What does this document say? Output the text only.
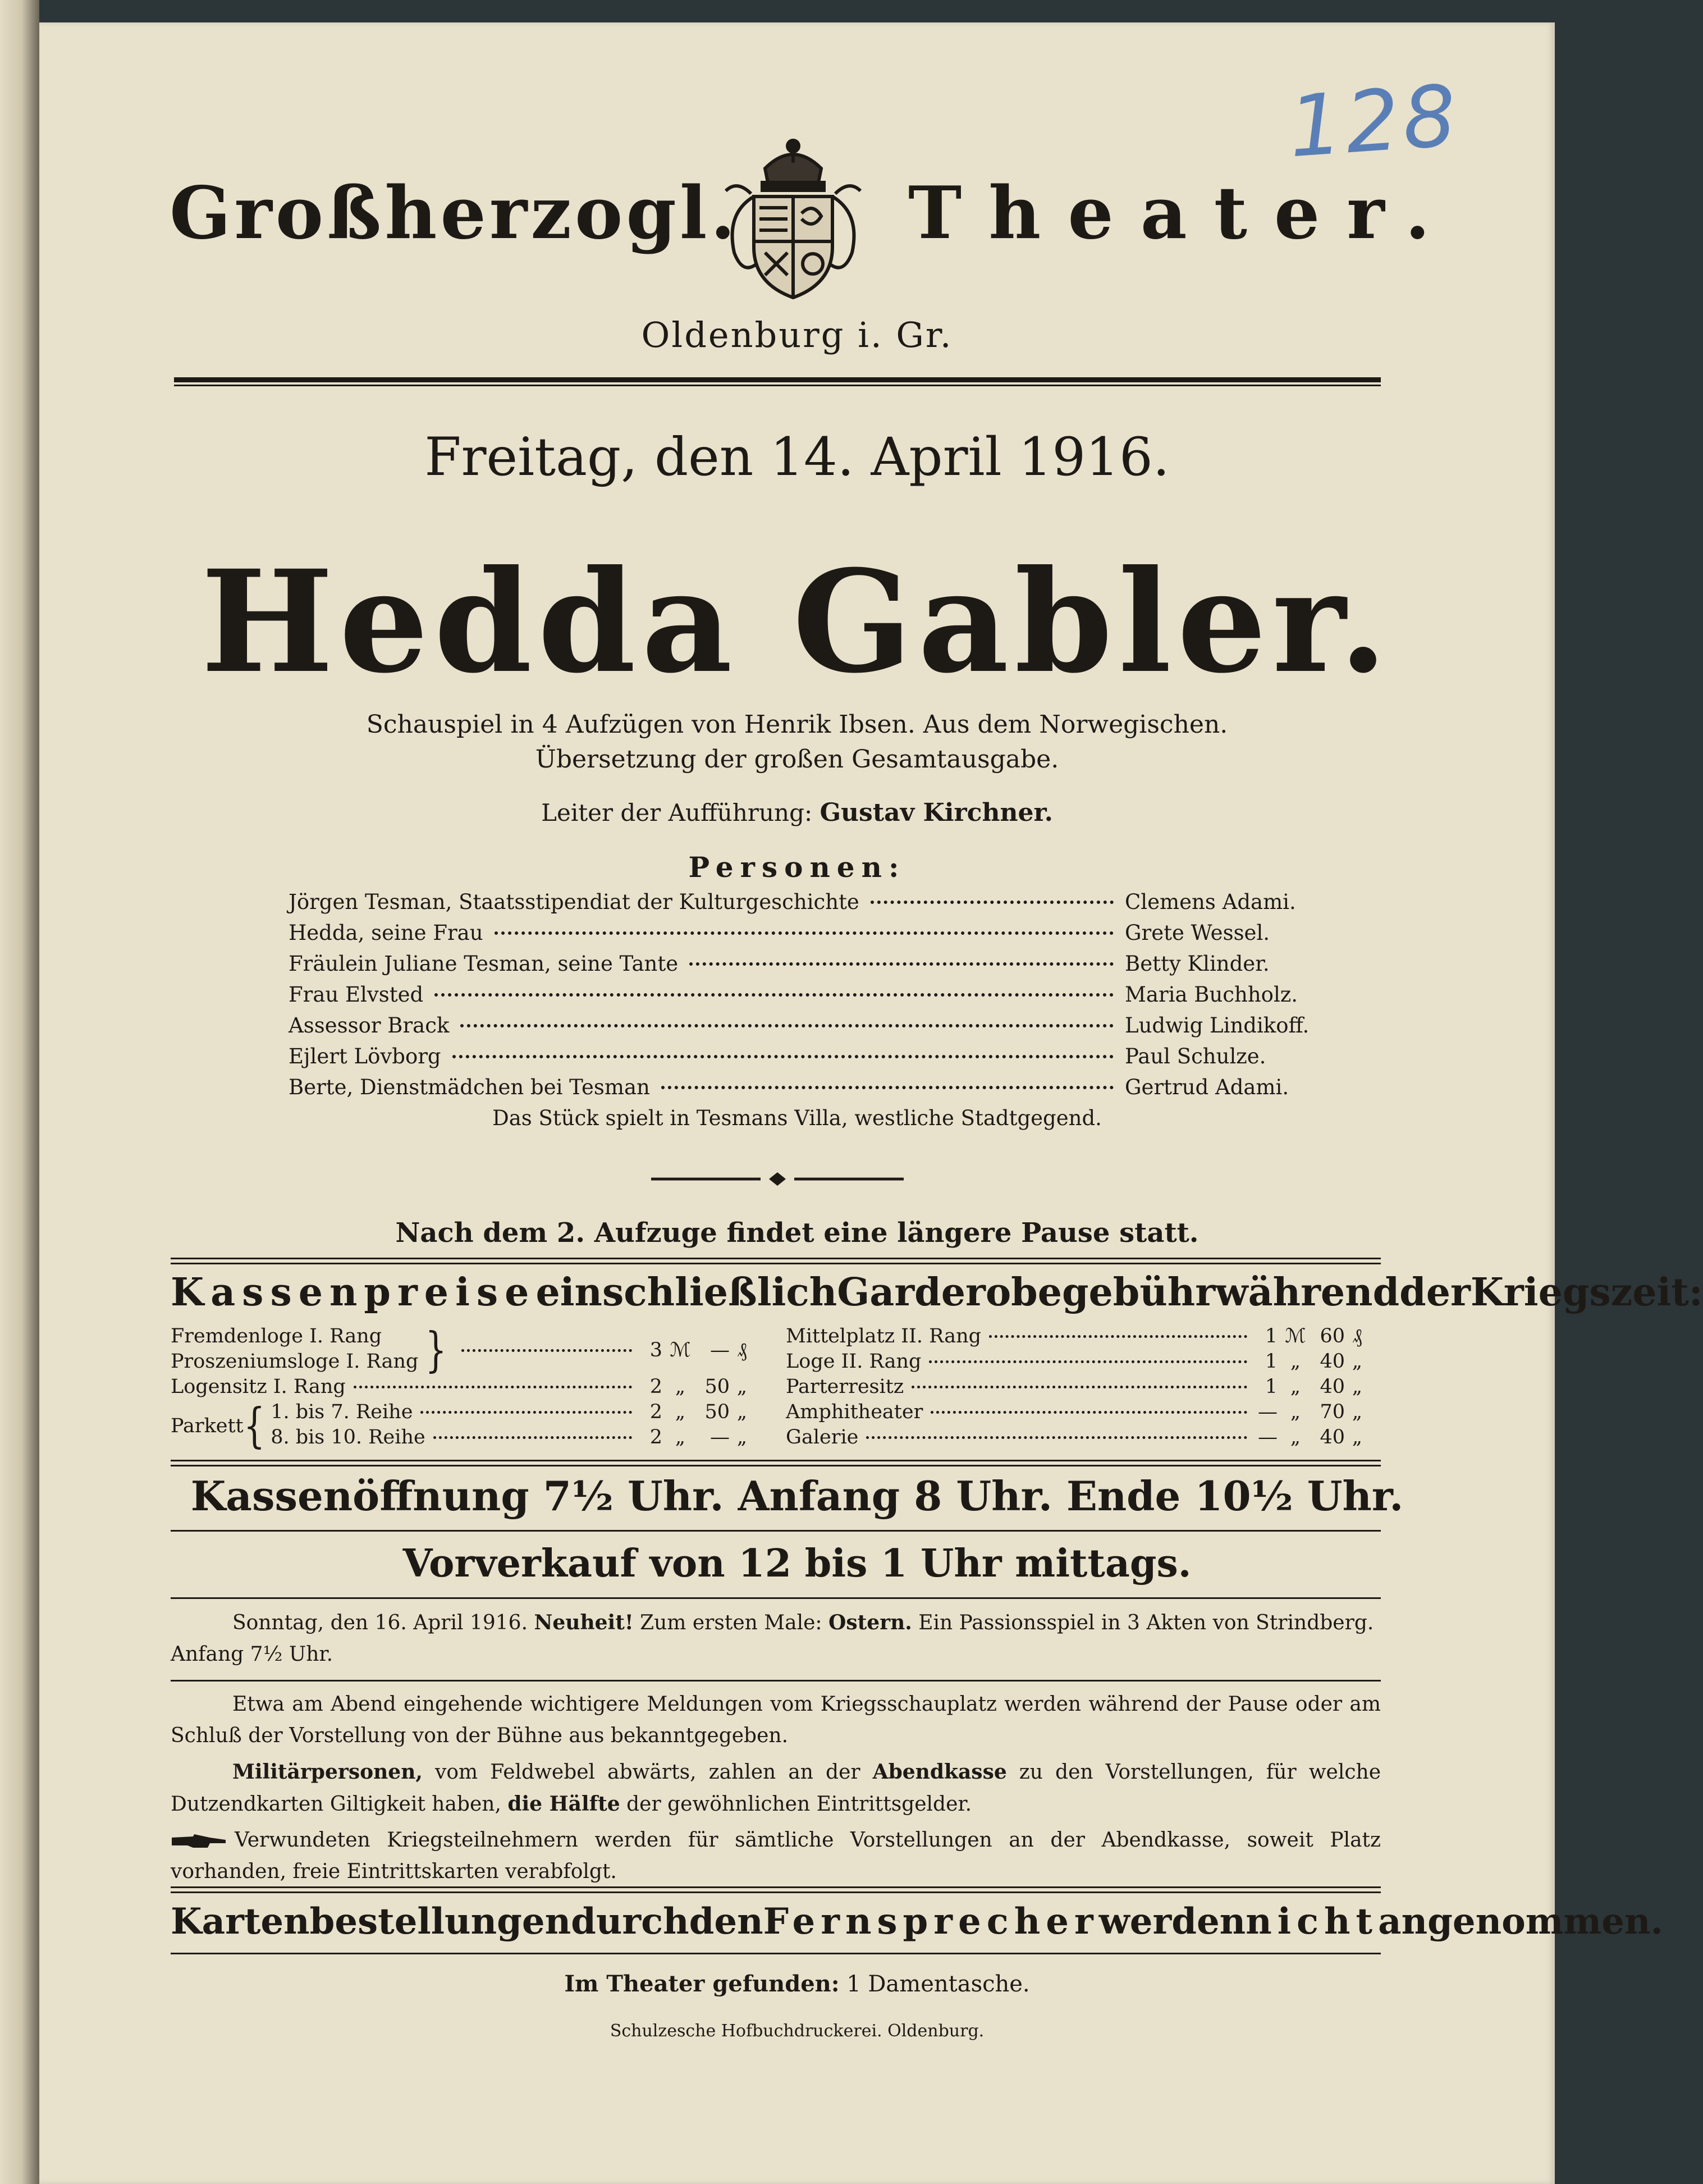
128
Großherzogl. Theater.
Oldenburg i. Gr.
Freitag, den 14. April 1916.
Hedda Gabler.
Schauspiel in 4 Aufzügen von Henrik Ibsen. Aus dem Norwegischen.
Übersetzung der großen Gesamtausgabe.
Leiter der Aufführung: Gustav Kirchner.
Personen:
Jörgen Tesman, Staatsstipendiat der Kulturgeschichte	Clemens Adami.
Hedda, seine Frau	Grete Wessel.
Fräulein Juliane Tesman, seine Tante	Betty Klinder.
Frau Elvsted	Maria Buchholz.
Assessor Brack	Ludwig Lindikoff.
Ejlert Lövborg	Paul Schulze.
Berte, Dienstmädchen bei Tesman	Gertrud Adami.
Das Stück spielt in Tesmans Villa, westliche Stadtgegend.
Nach dem 2. Aufzuge findet eine längere Pause statt.
Kassenpreise einschließlich Garderobegebühr während der Kriegszeit:
Fremdenloge I. Rang
Proszeniumsloge I. Rang }	3 ℳ — ₰
Logensitz I. Rang	2 „ 50 „
Parkett { 1. bis 7. Reihe	2 „ 50 „
8. bis 10. Reihe	2 „	— „
Mittelplatz II. Rang	1 ℳ 60 ₰
Loge II. Rang	1 „ 40 „
Parterresitz	1 „ 40 „
Amphitheater	— „ 70 „
Galerie	— „ 40 „
Kassenöffnung 7½ Uhr. Anfang 8 Uhr. Ende 10½ Uhr.
Vorverkauf von 12 bis 1 Uhr mittags.

Sonntag, den 16. April 1916. Neuheit! Zum ersten Male: Ostern. Ein Passionsspiel in 3 Akten von Strindberg.

Anfang 7½ Uhr.

Etwa am Abend eingehende wichtigere Meldungen vom Kriegsschauplatz werden während der Pause oder am Schluß der Vorstellung von der Bühne aus bekanntgegeben.

Militärpersonen, vom Feldwebel abwärts, zahlen an der Abendkasse zu den Vorstellungen, für welche Dutzendkarten Giltigkeit haben, die Hälfte der gewöhnlichen Eintrittsgelder.

Verwundeten Kriegsteilnehmern werden für sämtliche Vorstellungen an der Abendkasse, soweit Platz vorhanden, freie Eintrittskarten verabfolgt.

Kartenbestellungen durch den Fernsprecher werden nicht angenommen.
Im Theater gefunden: 1 Damentasche.
Schulzesche Hofbuchdruckerei. Oldenburg.
